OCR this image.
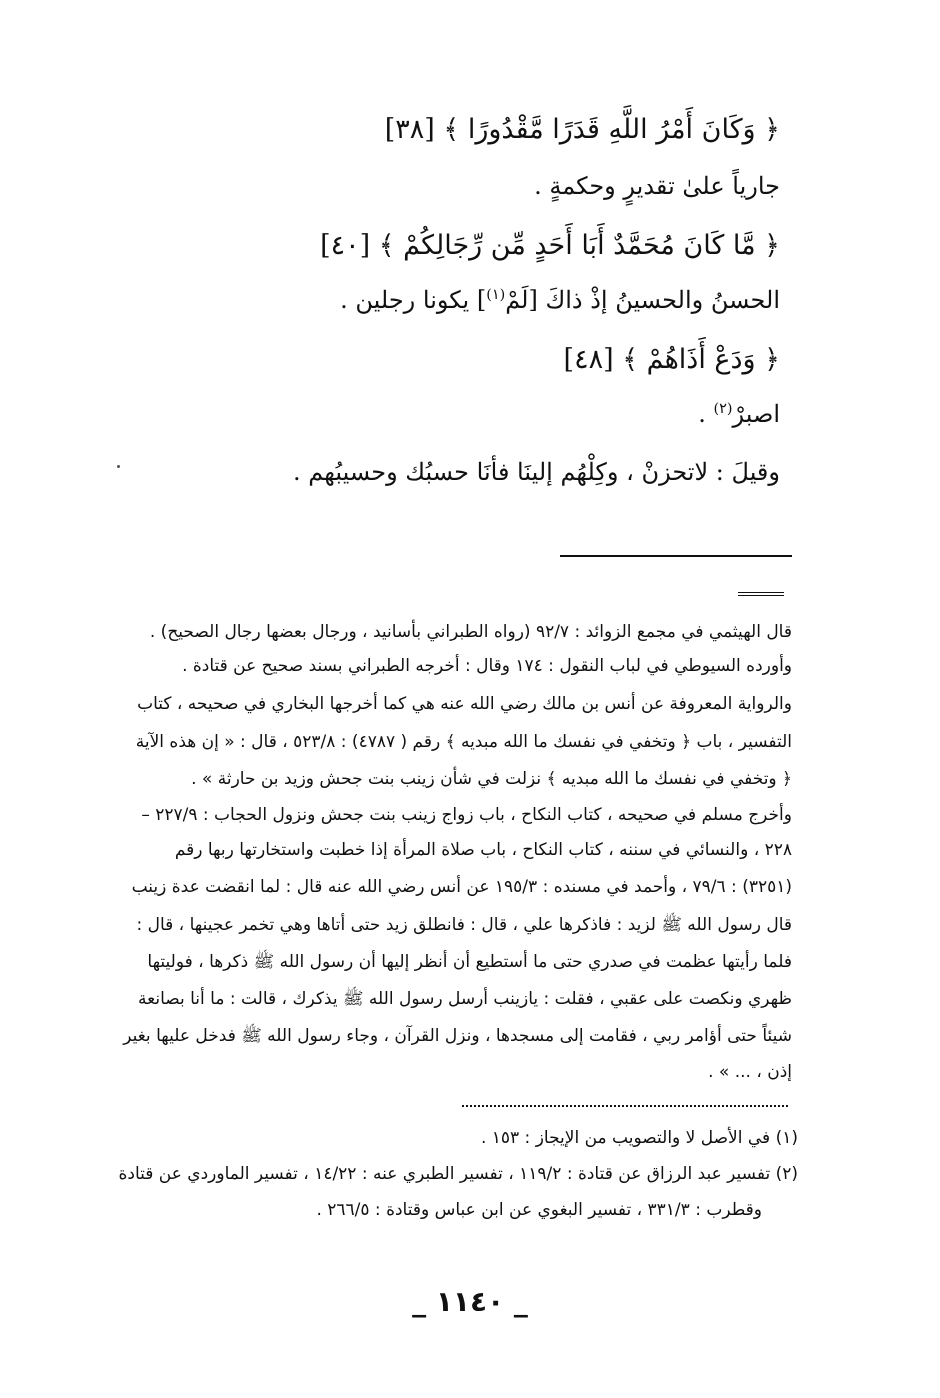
﴿ وَكَانَ أَمْرُ اللَّهِ قَدَرًا مَّقْدُورًا ﴾ [٣٨]
جارياً علىٰ تقديرٍ وحكمةٍ .
﴿ مَّا كَانَ مُحَمَّدٌ أَبَا أَحَدٍ مِّن رِّجَالِكُمْ ﴾ [٤٠]
الحسنُ والحسينُ إذْ ذاكَ [لَمْ$^{(١)}$] يكونا رجلين .
﴿ وَدَعْ أَذَاهُمْ ﴾ [٤٨]
اصبرْ$^{(٢)}$ .
وقيلَ : لاتحزنْ ، وكِلْهُم إلينَا فأنَا حسبُك وحسيبُهم .
قال الهيثمي في مجمع الزوائد : ٩٢/٧ (رواه الطبراني بأسانيد ، ورجال بعضها رجال الصحيح) .
وأورده السيوطي في لباب النقول : ١٧٤ وقال : أخرجه الطبراني بسند صحيح عن قتادة .
والرواية المعروفة عن أنس بن مالك رضي الله عنه هي كما أخرجها البخاري في صحيحه ، كتاب
التفسير ، باب ﴿ وتخفي في نفسك ما الله مبديه ﴾ رقم ( ٤٧٨٧) : ٥٢٣/٨ ، قال : « إن هذه الآية
﴿ وتخفي في نفسك ما الله مبديه ﴾ نزلت في شأن زينب بنت جحش وزيد بن حارثة » .
وأخرج مسلم في صحيحه ، كتاب النكاح ، باب زواج زينب بنت جحش ونزول الحجاب : ٢٢٧/٩ –
٢٢٨ ، والنسائي في سننه ، كتاب النكاح ، باب صلاة المرأة إذا خطبت واستخارتها ربها رقم
(٣٢٥١) : ٧٩/٦ ، وأحمد في مسنده : ١٩٥/٣ عن أنس رضي الله عنه قال : لما انقضت عدة زينب
قال رسول الله ﷺ لزيد : فاذكرها علي ، قال : فانطلق زيد حتى أتاها وهي تخمر عجينها ، قال :
فلما رأيتها عظمت في صدري حتى ما أستطيع أن أنظر إليها أن رسول الله ﷺ ذكرها ، فوليتها
ظهري ونكصت على عقبي ، فقلت : يازينب أرسل رسول الله ﷺ يذكرك ، قالت : ما أنا بصانعة
شيئاً حتى أؤامر ربي ، فقامت إلى مسجدها ، ونزل القرآن ، وجاء رسول الله ﷺ فدخل عليها بغير
إذن ، ... » .
(١) في الأصل لا والتصويب من الإيجاز : ١٥٣ .
(٢) تفسير عبد الرزاق عن قتادة : ١١٩/٢ ، تفسير الطبري عنه : ١٤/٢٢ ، تفسير الماوردي عن قتادة
وقطرب : ٣٣١/٣ ، تفسير البغوي عن ابن عباس وقتادة : ٢٦٦/٥ .
_ ١١٤٠ _
